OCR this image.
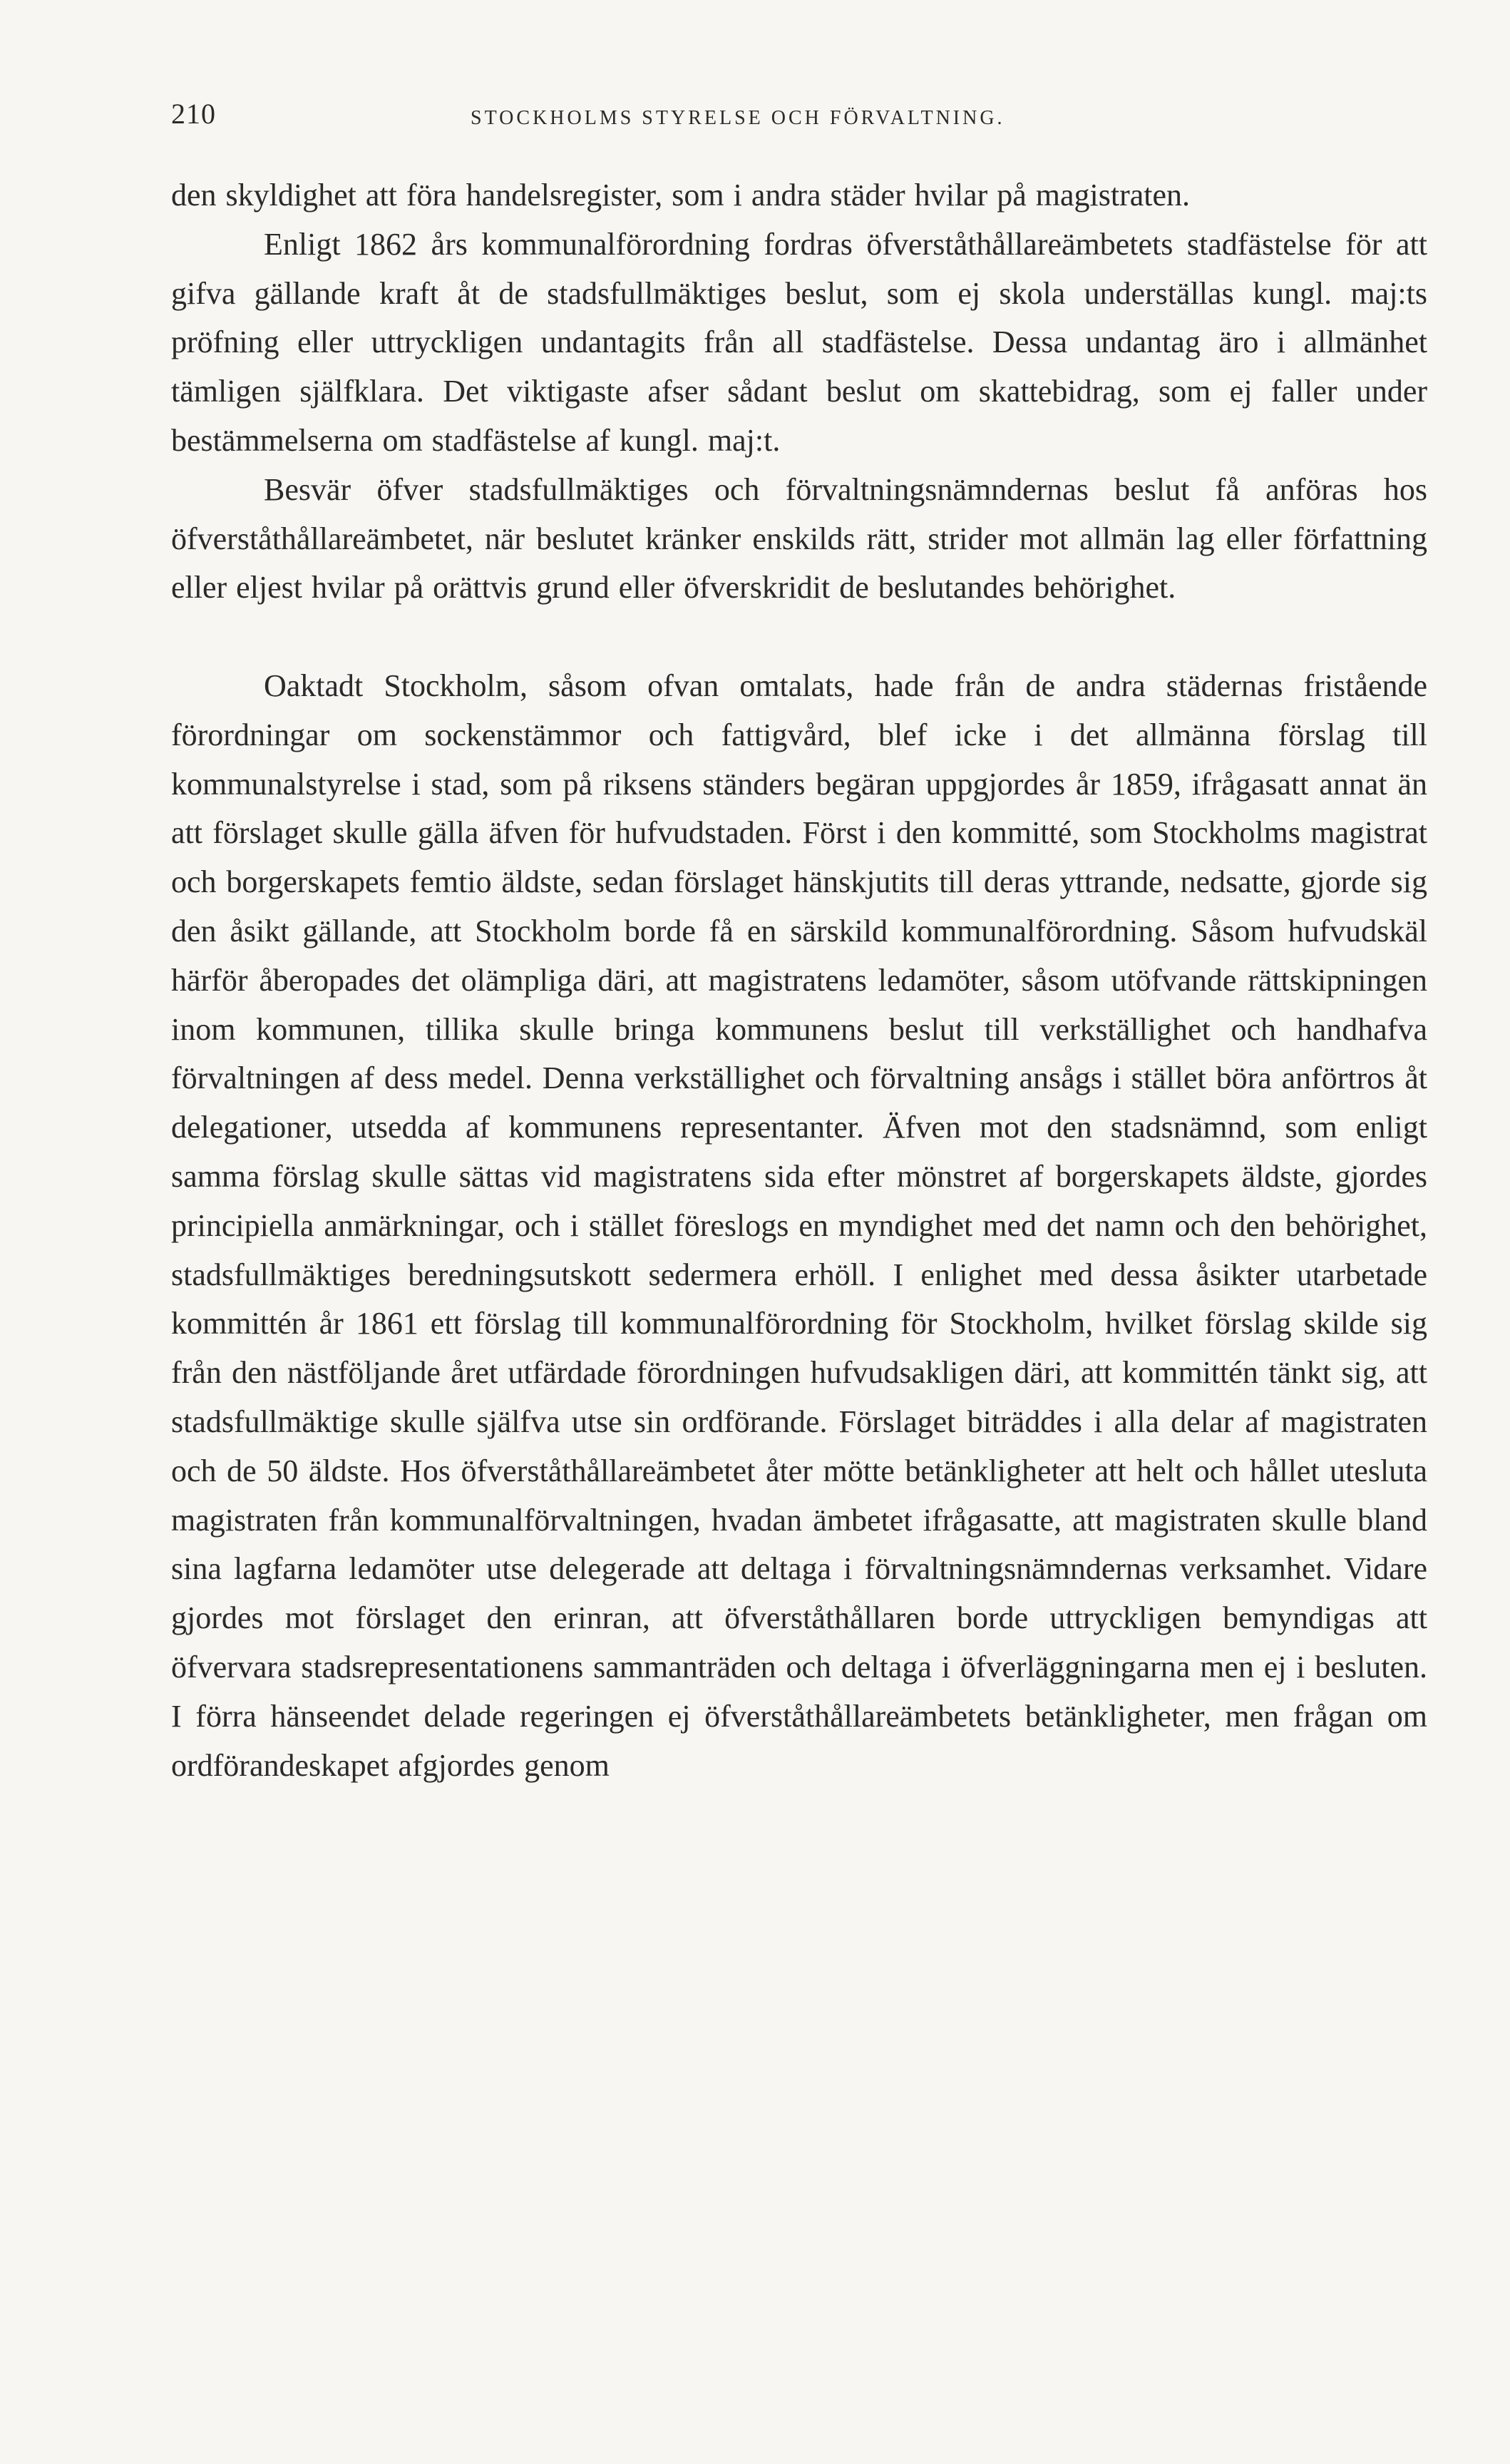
210	STOCKHOLMS STYRELSE OCH FÖRVALTNING.

den skyldighet att föra handelsregister, som i andra städer hvilar på magistraten.

Enligt 1862 års kommunalförordning fordras öfverståthållareämbetets stadfästelse för att gifva gällande kraft åt de stadsfullmäktiges beslut, som ej skola underställas kungl. maj:ts pröfning eller uttryckligen undantagits från all stadfästelse. Dessa undantag äro i allmänhet tämligen själfklara. Det viktigaste afser sådant beslut om skattebidrag, som ej faller under bestämmelserna om stadfästelse af kungl. maj:t.

Besvär öfver stadsfullmäktiges och förvaltningsnämndernas beslut få anföras hos öfverståthållareämbetet, när beslutet kränker enskilds rätt, strider mot allmän lag eller författning eller eljest hvilar på orättvis grund eller öfverskridit de beslutandes behörighet.

Oaktadt Stockholm, såsom ofvan omtalats, hade från de andra städernas fristående förordningar om sockenstämmor och fattigvård, blef icke i det allmänna förslag till kommunalstyrelse i stad, som på riksens ständers begäran uppgjordes år 1859, ifrågasatt annat än att förslaget skulle gälla äfven för hufvudstaden. Först i den kommitté, som Stockholms magistrat och borgerskapets femtio äldste, sedan förslaget hänskjutits till deras yttrande, nedsatte, gjorde sig den åsikt gällande, att Stockholm borde få en särskild kommunalförordning. Såsom hufvudskäl härför åberopades det olämpliga däri, att magistratens ledamöter, såsom utöfvande rättskipningen inom kommunen, tillika skulle bringa kommunens beslut till verkställighet och handhafva förvaltningen af dess medel. Denna verkställighet och förvaltning ansågs i stället böra anförtros åt delegationer, utsedda af kommunens representanter. Äfven mot den stadsnämnd, som enligt samma förslag skulle sättas vid magistratens sida efter mönstret af borgerskapets äldste, gjordes principiella anmärkningar, och i stället föreslogs en myndighet med det namn och den behörighet, stadsfullmäktiges beredningsutskott sedermera erhöll. I enlighet med dessa åsikter utarbetade kommittén år 1861 ett förslag till kommunalförordning för Stockholm, hvilket förslag skilde sig från den nästföljande året utfärdade förordningen hufvudsakligen däri, att kommittén tänkt sig, att stadsfullmäktige skulle själfva utse sin ordförande. Förslaget biträddes i alla delar af magistraten och de 50 äldste. Hos öfverståthållareämbetet åter mötte betänkligheter att helt och hållet utesluta magistraten från kommunalförvaltningen, hvadan ämbetet ifrågasatte, att magistraten skulle bland sina lagfarna ledamöter utse delegerade att deltaga i förvaltningsnämndernas verksamhet. Vidare gjordes mot förslaget den erinran, att öfverståthållaren borde uttryckligen bemyndigas att öfvervara stadsrepresentationens sammanträden och deltaga i öfverläggningarna men ej i besluten. I förra hänseendet delade regeringen ej öfverståthållareämbetets betänkligheter, men frågan om ordförandeskapet afgjordes genom
